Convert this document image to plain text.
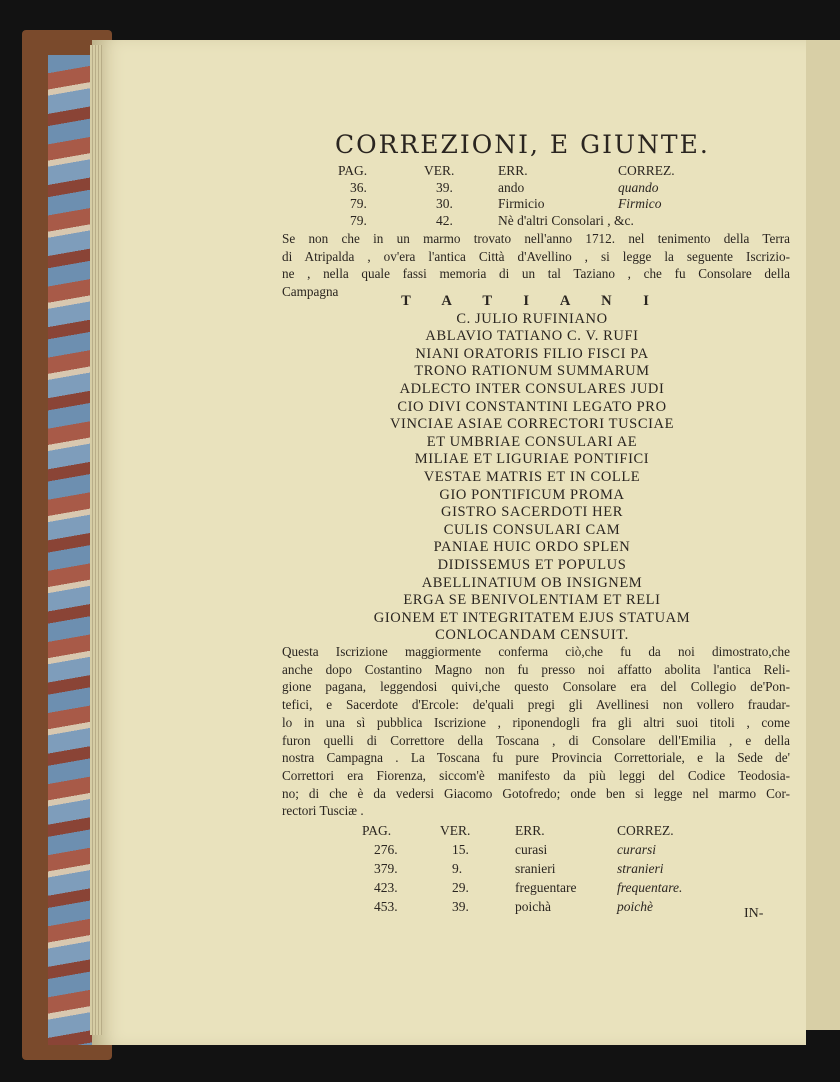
CORREZIONI, E GIUNTE.
PAG.	VER.	ERR.	CORREZ.
36.	39.	ando	quando
79.	30.	Firmicio	Firmico
79.	42.	Nè d'altri Consolari , &c.
Se non che in un marmo trovato nell'anno 1712. nel tenimento della Terra
di Atripalda , ov'era l'antica Città d'Avellino , si legge la seguente Iscrizio-
ne , nella quale fassi memoria di un tal Taziano , che fu Consolare della
Campagna
T A T I A N I
C. JULIO RUFINIANO
ABLAVIO TATIANO C. V. RUFI
NIANI ORATORIS FILIO FISCI PA
TRONO RATIONUM SUMMARUM
ADLECTO INTER CONSULARES JUDI
CIO DIVI CONSTANTINI LEGATO PRO
VINCIAE ASIAE CORRECTORI TUSCIAE
ET UMBRIAE CONSULARI AE
MILIAE ET LIGURIAE PONTIFICI
VESTAE MATRIS ET IN COLLE
GIO PONTIFICUM PROMA
GISTRO SACERDOTI HER
CULIS CONSULARI CAM
PANIAE HUIC ORDO SPLEN
DIDISSEMUS ET POPULUS
ABELLINATIUM OB INSIGNEM
ERGA SE BENIVOLENTIAM ET RELI
GIONEM ET INTEGRITATEM EJUS STATUAM
CONLOCANDAM CENSUIT.
Questa Iscrizione maggiormente conferma ciò,che fu da noi dimostrato,che
anche dopo Costantino Magno non fu presso noi affatto abolita l'antica Reli-
gione pagana, leggendosi quivi,che questo Consolare era del Collegio de'Pon-
tefici, e Sacerdote d'Ercole: de'quali pregi gli Avellinesi non vollero fraudar-
lo in una sì pubblica Iscrizione , riponendogli fra gli altri suoi titoli , come
furon quelli di Correttore della Toscana , di Consolare dell'Emilia , e della
nostra Campagna . La Toscana fu pure Provincia Correttoriale, e la Sede de'
Correttori era Fiorenza, siccom'è manifesto da più leggi del Codice Teodosia-
no; di che è da vedersi Giacomo Gotofredo; onde ben si legge nel marmo Cor-
rectori Tusciæ .
PAG.	VER.	ERR.	CORREZ.
276.	15.	curasi	curarsi
379.	9.	sranieri	stranieri
423.	29.	freguentare	frequentare.
453.	39.	poichà	poichè	IN-
